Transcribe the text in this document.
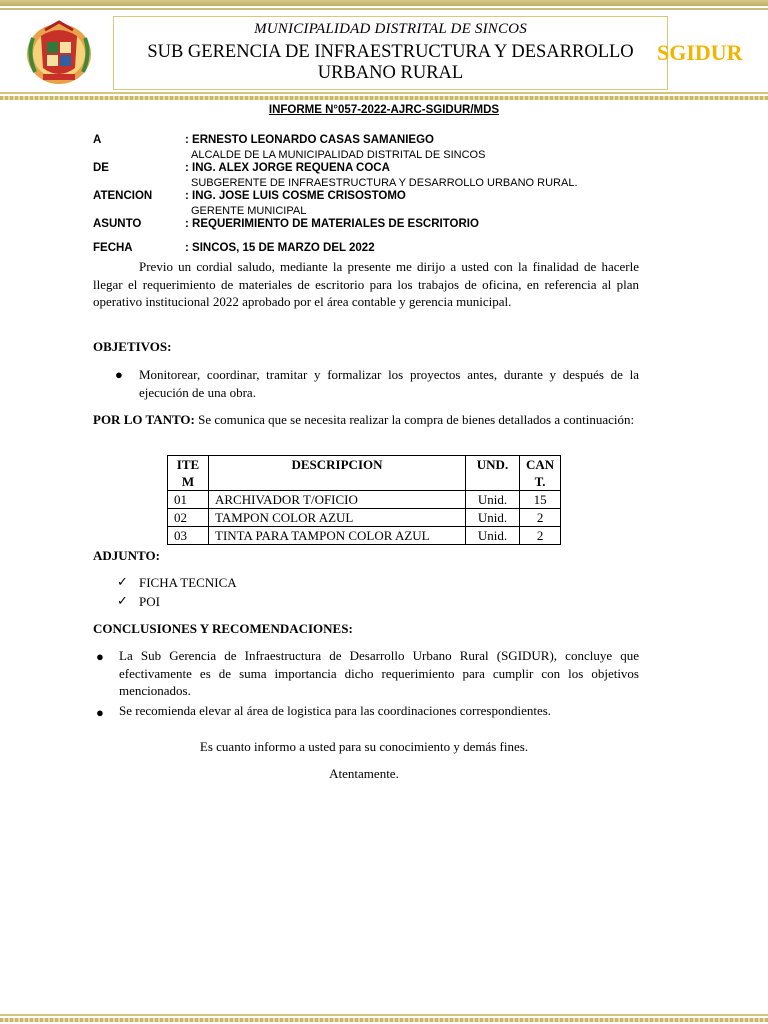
MUNICIPALIDAD DISTRITAL DE SINCOS
SUB GERENCIA DE INFRAESTRUCTURA Y DESARROLLO
URBANO RURAL
SGIDUR
INFORME N°057-2022-AJRC-SGIDUR/MDS
A	: ERNESTO LEONARDO CASAS SAMANIEGO
ALCALDE DE LA MUNICIPALIDAD DISTRITAL DE SINCOS
DE	: ING. ALEX JORGE REQUENA COCA
SUBGERENTE DE INFRAESTRUCTURA Y DESARROLLO URBANO RURAL.
ATENCION	: ING. JOSE LUIS COSME CRISOSTOMO
GERENTE MUNICIPAL
ASUNTO	: REQUERIMIENTO DE MATERIALES DE ESCRITORIO
FECHA	: SINCOS, 15 DE MARZO DEL 2022
Previo un cordial saludo, mediante la presente me dirijo a usted con la finalidad de hacerle llegar el requerimiento de materiales de escritorio para los trabajos de oficina, en referencia al plan operativo institucional 2022 aprobado por el área contable y gerencia municipal.
OBJETIVOS:
● Monitorear, coordinar, tramitar y formalizar los proyectos antes, durante y después de la ejecución de una obra.
POR LO TANTO: Se comunica que se necesita realizar la compra de bienes detallados a continuación:
ITE M	DESCRIPCION	UND.	CAN T.
01	ARCHIVADOR T/OFICIO	Unid.	15
02	TAMPON COLOR AZUL	Unid.	2
03	TINTA PARA TAMPON COLOR AZUL	Unid.	2
ADJUNTO:
✓ FICHA TECNICA
✓ POI
CONCLUSIONES Y RECOMENDACIONES:
● La Sub Gerencia de Infraestructura de Desarrollo Urbano Rural (SGIDUR), concluye que efectivamente es de suma importancia dicho requerimiento para cumplir con los objetivos mencionados.
● Se recomienda elevar al área de logistica para las coordinaciones correspondientes.
Es cuanto informo a usted para su conocimiento y demás fines.
Atentamente.
